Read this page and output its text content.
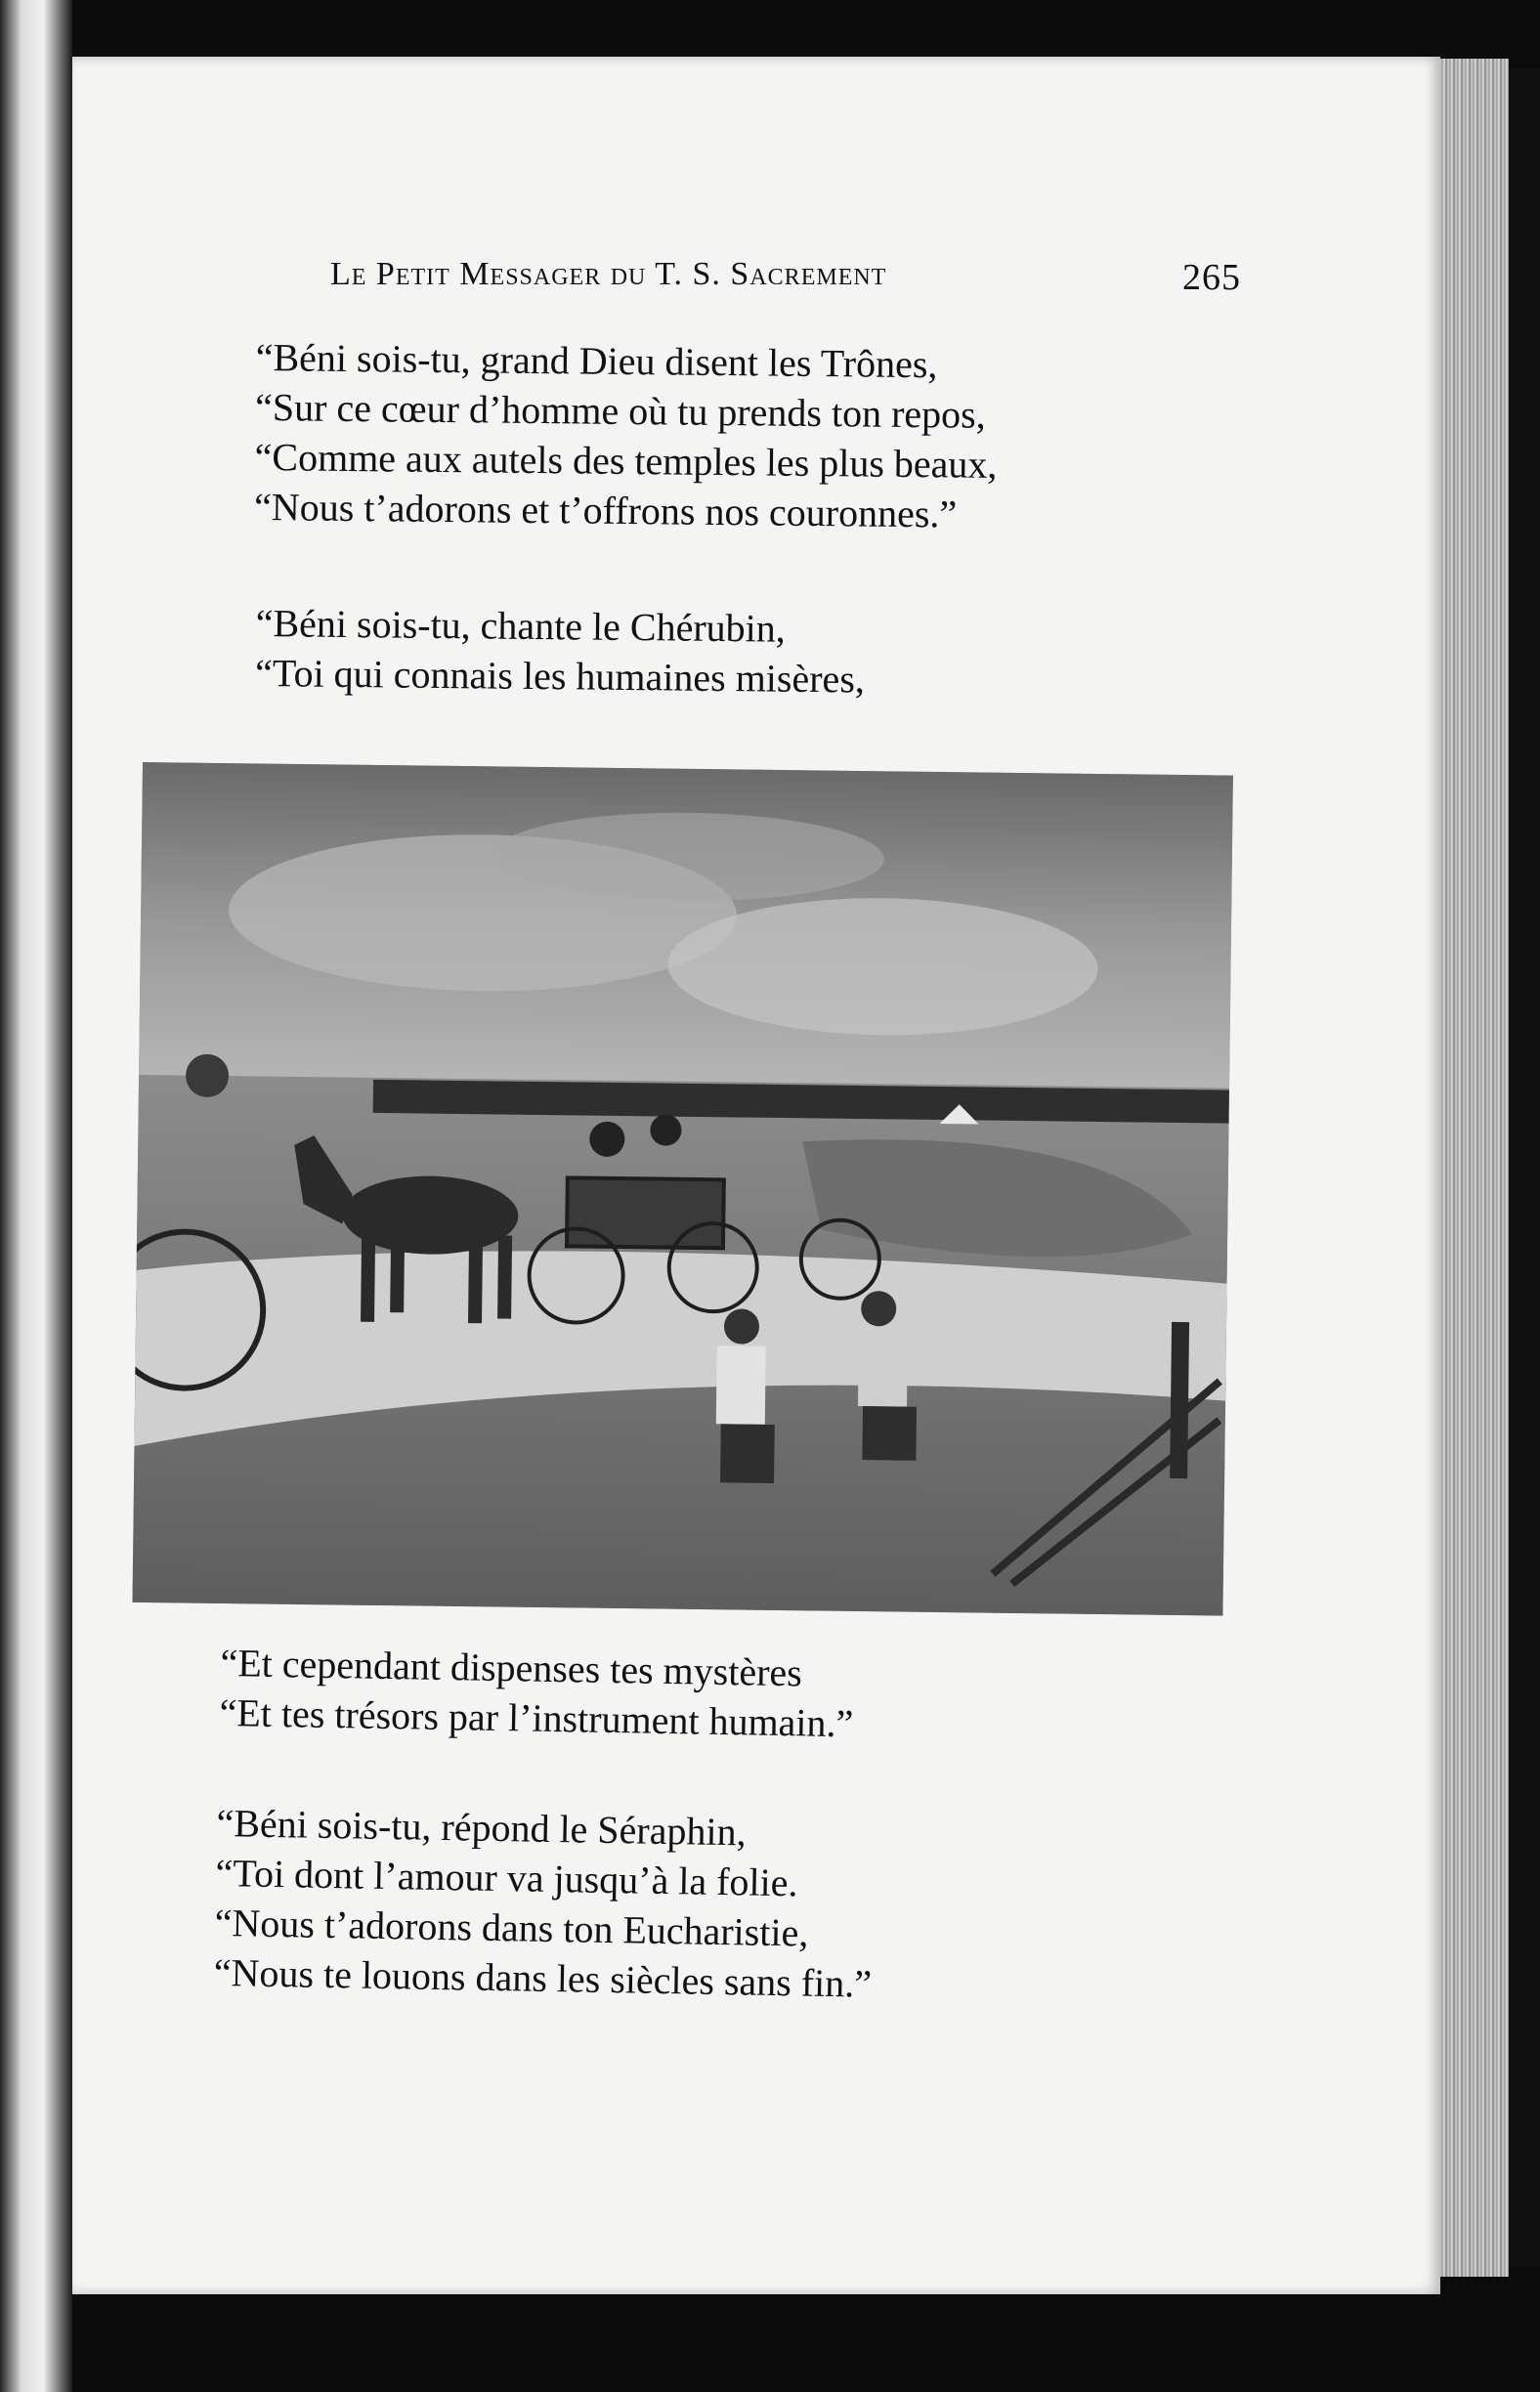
Le Petit Messager du T. S. Sacrement	265
“Béni sois-tu, grand Dieu disent les Trônes,
“Sur ce cœur d’homme où tu prends ton repos,
“Comme aux autels des temples les plus beaux,
“Nous t’adorons et t’offrons nos couronnes.”
“Béni sois-tu, chante le Chérubin,
“Toi qui connais les humaines misères,
“Et cependant dispenses tes mystères
“Et tes trésors par l’instrument humain.”
“Béni sois-tu, répond le Séraphin,
“Toi dont l’amour va jusqu’à la folie.
“Nous t’adorons dans ton Eucharistie,
“Nous te louons dans les siècles sans fin.”
